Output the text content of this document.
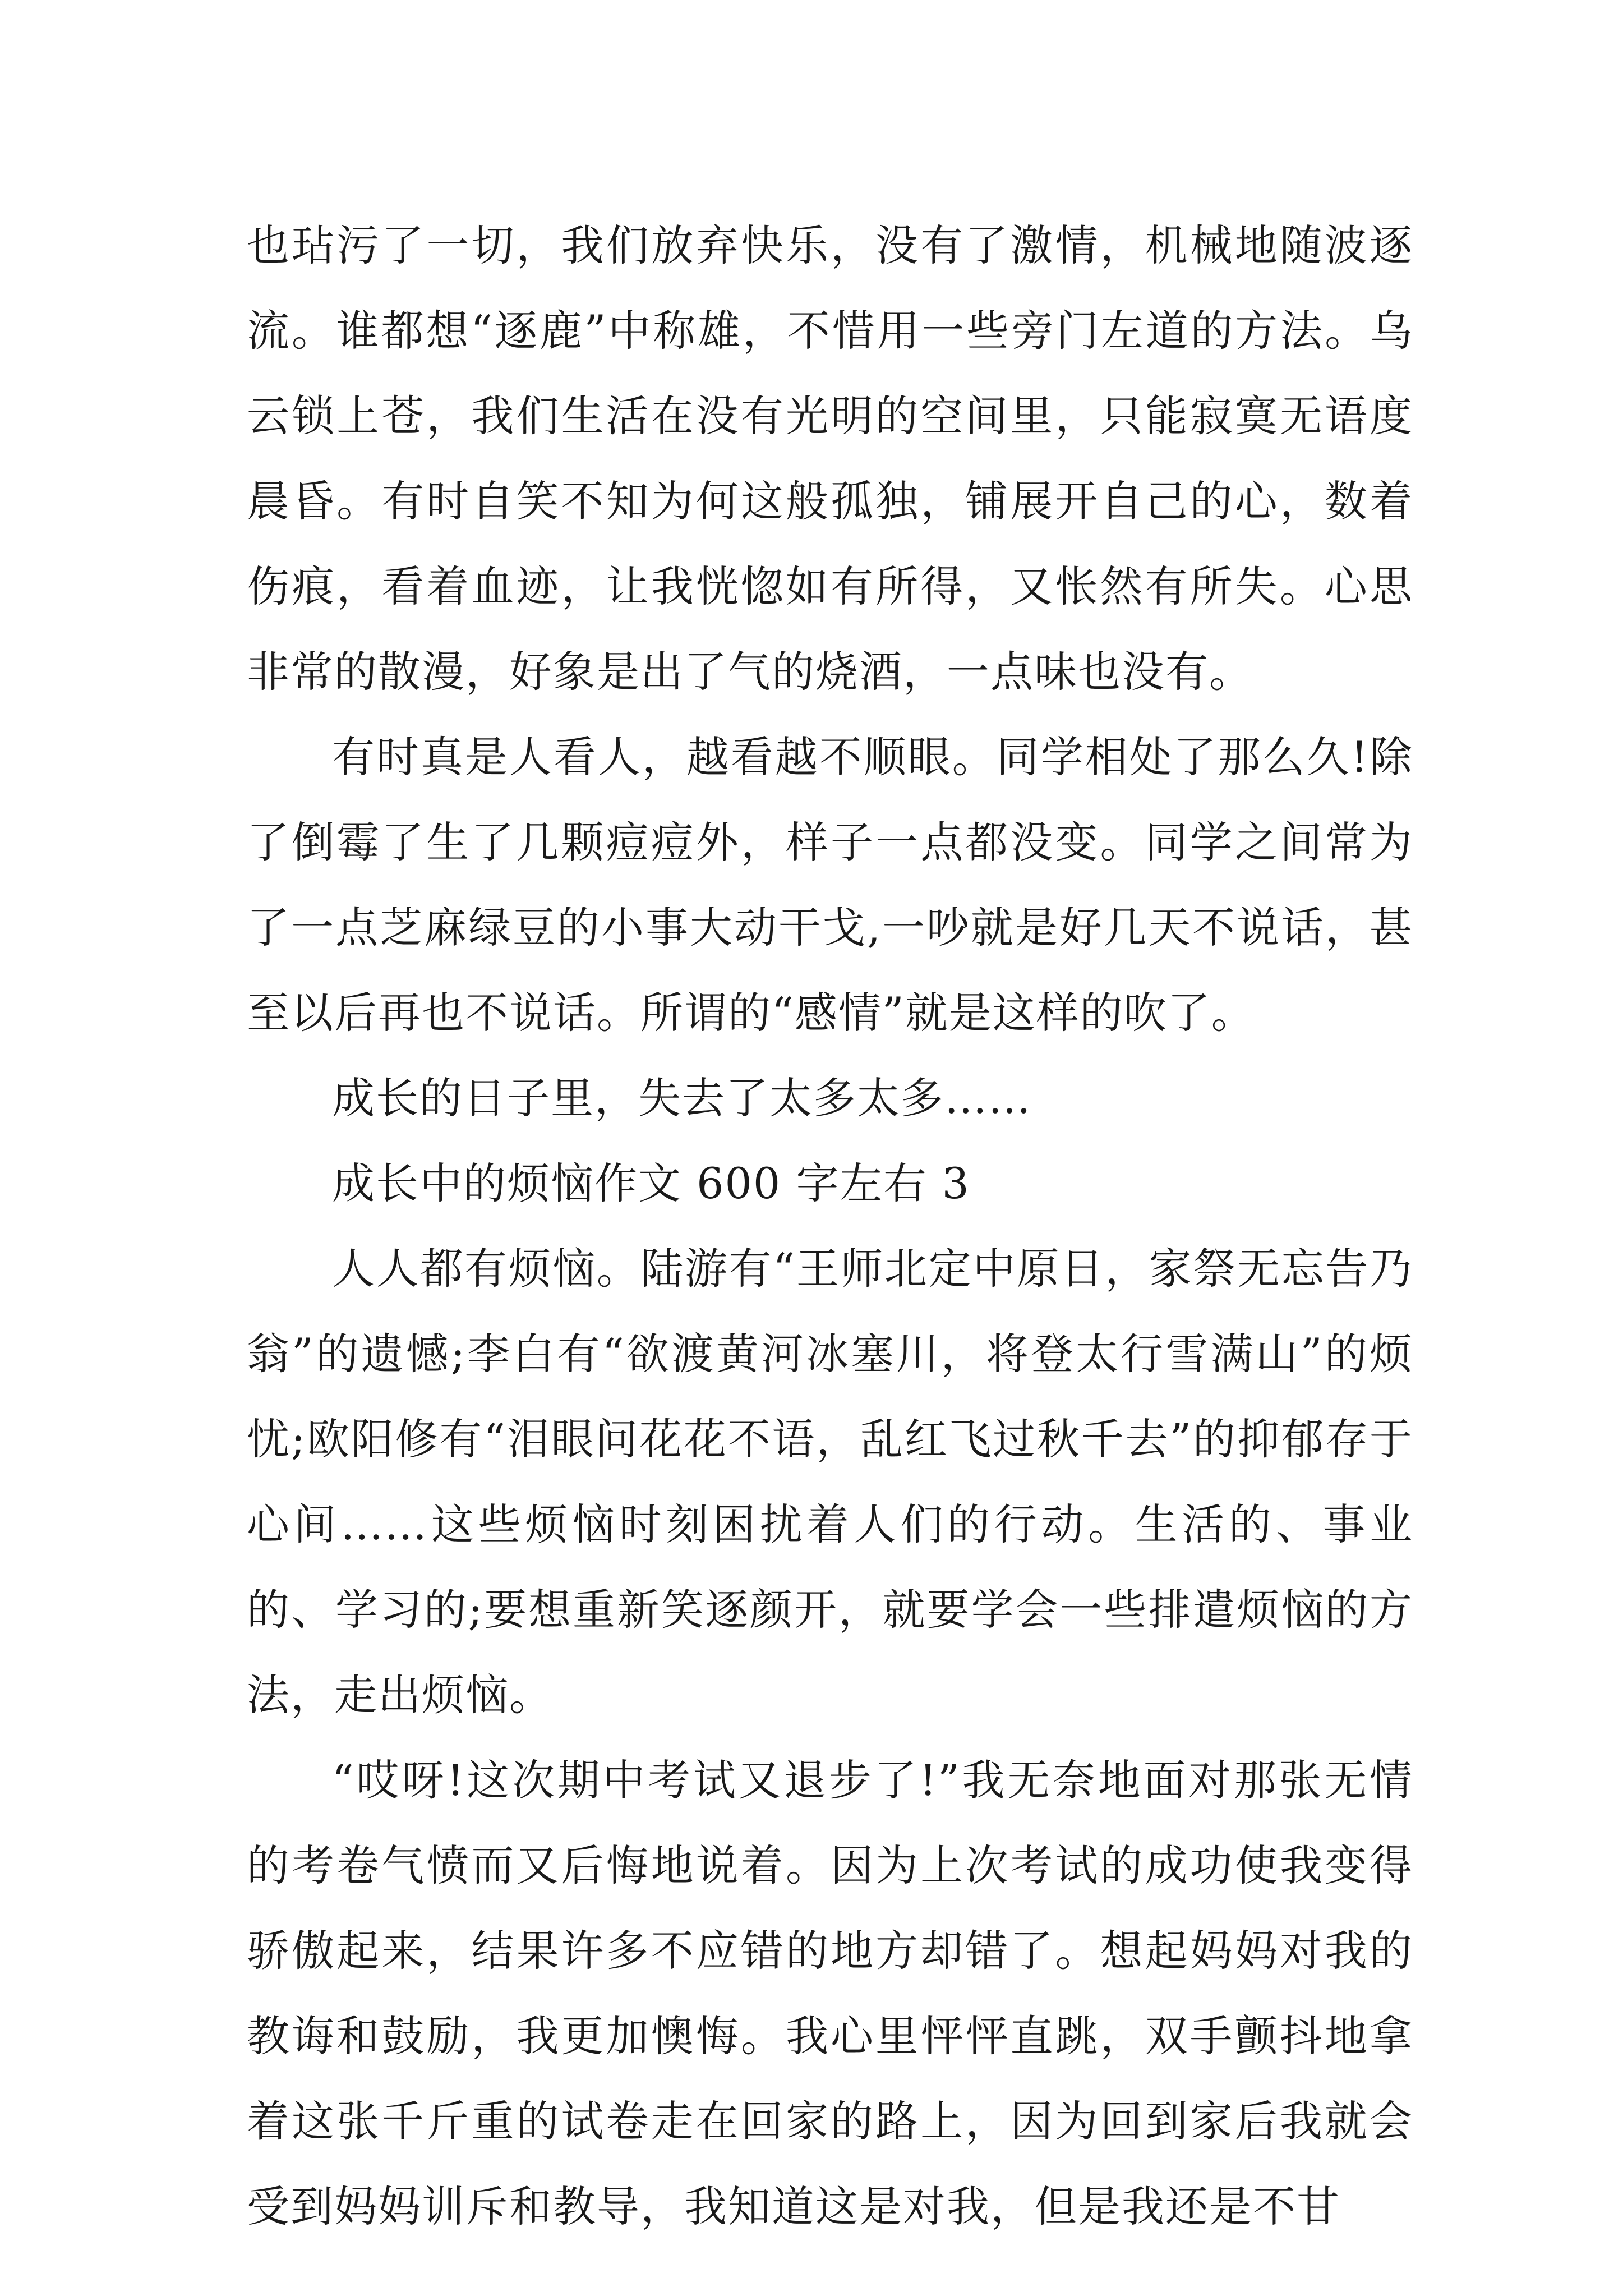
也玷污了一切，我们放弃快乐，没有了激情，机械地随波逐流。谁都想“逐鹿”中称雄，不惜用一些旁门左道的方法。乌云锁上苍，我们生活在没有光明的空间里，只能寂寞无语度晨昏。有时自笑不知为何这般孤独，铺展开自己的心，数着伤痕，看着血迹，让我恍惚如有所得，又怅然有所失。心思非常的散漫，好象是出了气的烧酒，一点味也没有。

有时真是人看人，越看越不顺眼。同学相处了那么久!除了倒霉了生了几颗痘痘外，样子一点都没变。同学之间常为了一点芝麻绿豆的小事大动干戈,一吵就是好几天不说话，甚至以后再也不说话。所谓的“感情”就是这样的吹了。

成长的日子里，失去了太多太多……

成长中的烦恼作文 600 字左右 3

人人都有烦恼。陆游有“王师北定中原日，家祭无忘告乃翁”的遗憾;李白有“欲渡黄河冰塞川，将登太行雪满山”的烦忧;欧阳修有“泪眼问花花不语，乱红飞过秋千去”的抑郁存于心间……这些烦恼时刻困扰着人们的行动。生活的、事业的、学习的;要想重新笑逐颜开，就要学会一些排遣烦恼的方法，走出烦恼。

“哎呀!这次期中考试又退步了!”我无奈地面对那张无情的考卷气愤而又后悔地说着。因为上次考试的成功使我变得骄傲起来，结果许多不应错的地方却错了。想起妈妈对我的教诲和鼓励，我更加懊悔。我心里怦怦直跳，双手颤抖地拿着这张千斤重的试卷走在回家的路上，因为回到家后我就会受到妈妈训斥和教导，我知道这是对我，但是我还是不甘
